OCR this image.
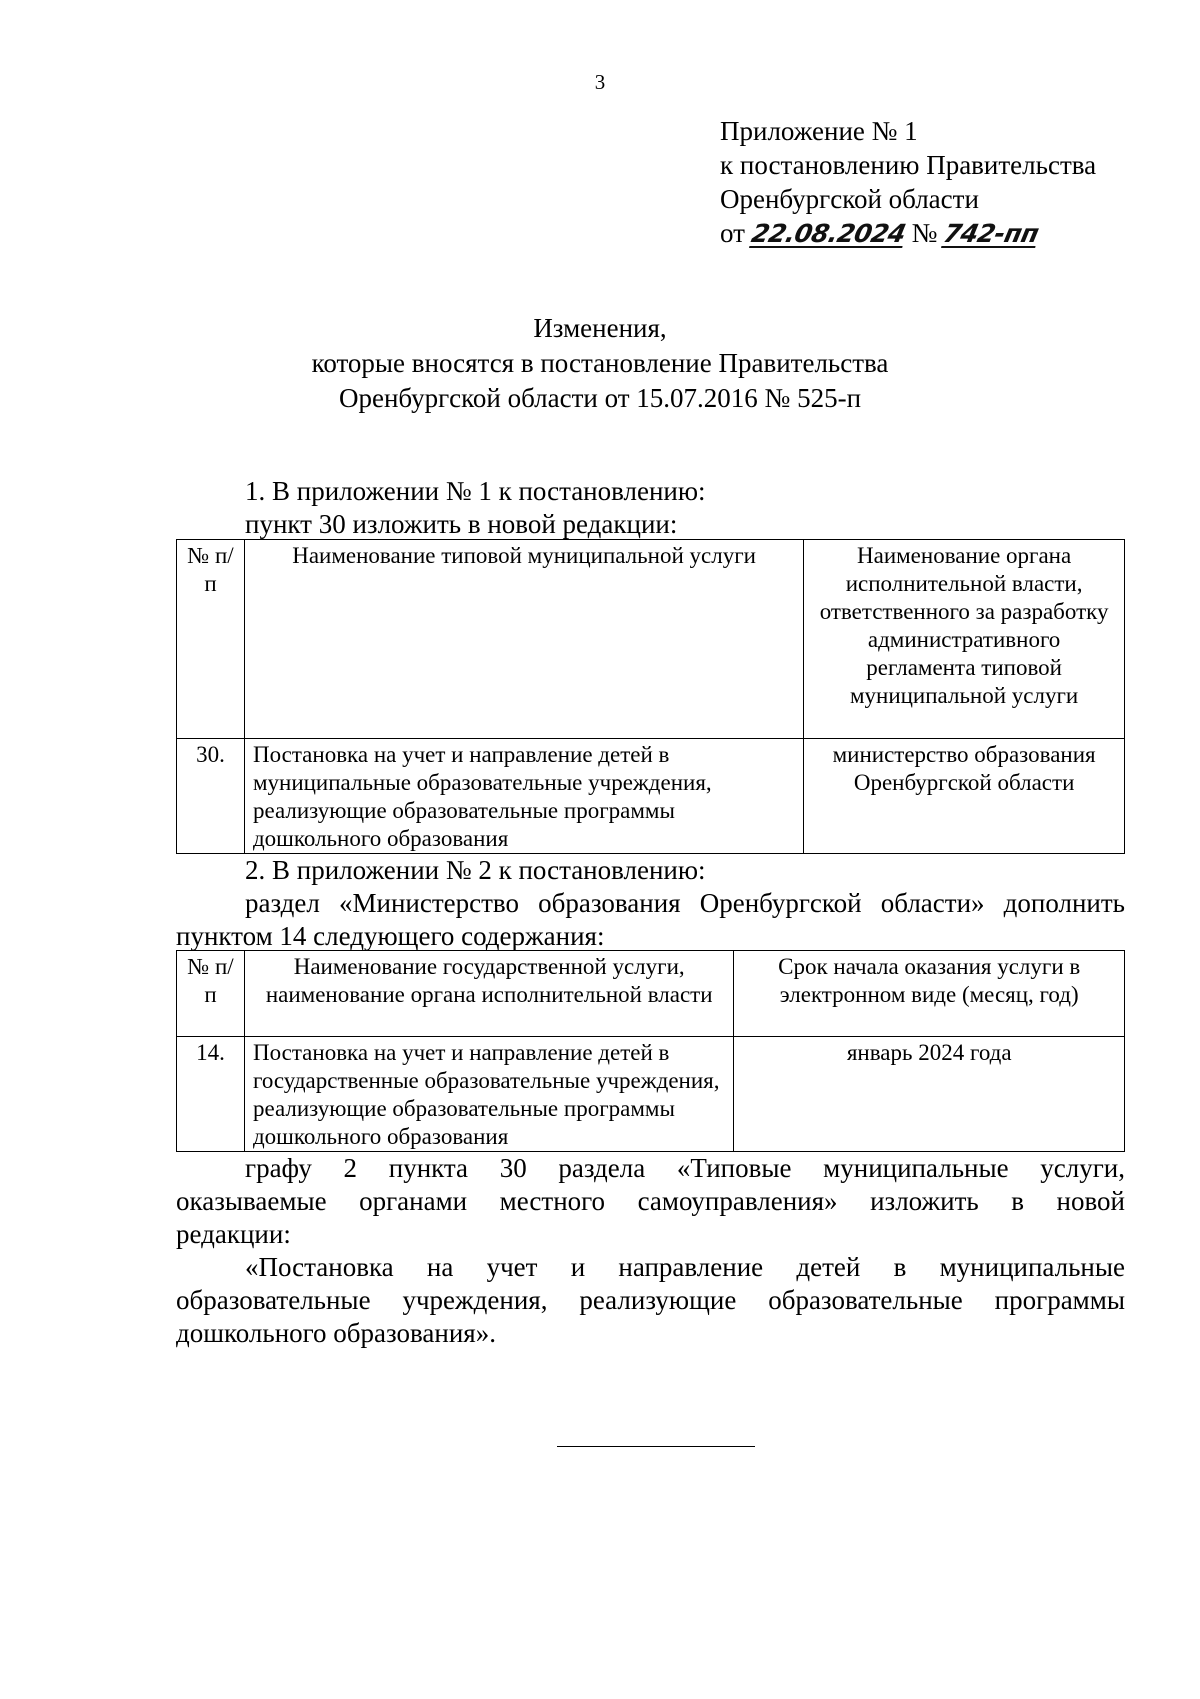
3
Приложение № 1
к постановлению Правительства
Оренбургской области
от 22.08.2024 № 742-пп
Изменения,
которые вносятся в постановление Правительства
Оренбургской области от 15.07.2016 № 525-п
1. В приложении № 1 к постановлению:
пункт 30 изложить в новой редакции:
№ п/п	Наименование типовой муниципальной услуги	Наименование органа исполнительной власти, ответственного за разработку административного регламента типовой муниципальной услуги
30.	Постановка на учет и направление детей в муниципальные образовательные учреждения, реализующие образовательные программы дошкольного образования	министерство образования Оренбургской области
2. В приложении № 2 к постановлению:
раздел «Министерство образования Оренбургской области» дополнить
пунктом 14 следующего содержания:
№ п/п	Наименование государственной услуги, наименование органа исполнительной власти	Срок начала оказания услуги в электронном виде (месяц, год)
14.	Постановка на учет и направление детей в государственные образовательные учреждения, реализующие образовательные программы дошкольного образования	январь 2024 года
графу 2 пункта 30 раздела «Типовые муниципальные услуги,
оказываемые органами местного самоуправления» изложить в новой
редакции:
«Постановка на учет и направление детей в муниципальные
образовательные учреждения, реализующие образовательные программы
дошкольного образования».
